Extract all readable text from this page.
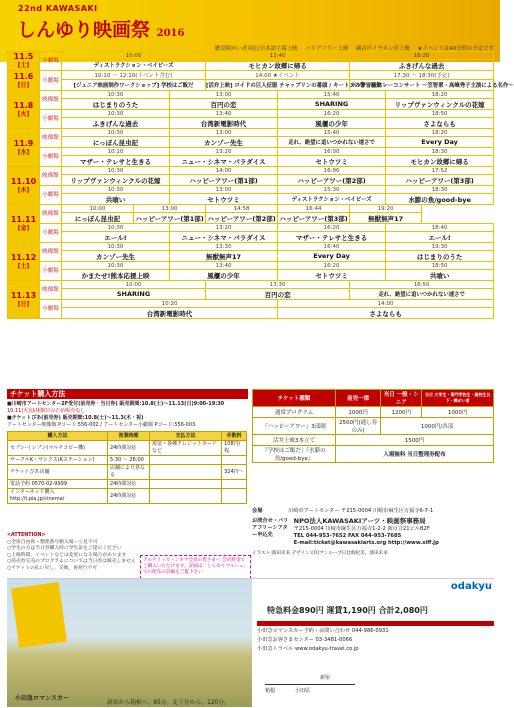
22nd KAWASAKI
しんゆり映画祭 2016
聴覚障がい者対応/日本語字幕上映 バリアフリー上映 副音声イヤホン付上映 ★イベントは40分程の予定です
11.5
[土]	小劇場	10:00			13:40		16:20	
		ディストラクション・ベイビーズ			モヒカン故郷に帰る		ふきげんな過去	

11.6
[日]	小劇場	10:10 〜 12:10(イベント含む)			14:00 ★イベント		17:30 〜 18:30(予定)	
		[ジュニア映画制作ワークショップ] 学校はご飯だ			[活弁上映] ロイドの巨人征服 チャップリンの番頭 / キートンの警官騒動		カルテットスレーコンサート 〜笠智衆・高峰秀子主演による名作〜	

11.8
[火]	映像館	10:30		13:00		15:40		18:20
		はじまりのうた		百円の恋		SHARING		リップヴァンウィンクルの花嫁
	小劇場	10:30		13:40		16:20		18:50
		ふきげんな過去		台湾新電影時代		風櫃の少年		さよならも

11.9
[水]	映像館	10:30		13:00		15:40		18:20
		にっぽん昆虫記		カンゾー先生		走れ、絶望に追いつかれない速さで		Every Day
	小劇場	10:10		13:20		16:00		18:30
		マザー・テレサと生きる		ニュー・シネマ・パラダイス		セトウツミ		モヒカン故郷に帰る

11.10
[木]	映像館	10:30		14:00		16:06		17:52
		リップヴァンウィンクルの花嫁		ハッピーアワー(第1部)		ハッピーアワー(第2部)		ハッピーアワー(第3部)
	小劇場	10:30		13:00		15:30		18:30
		共喰い		セトウツミ		ディストラクション・ベイビーズ		水膨の魚/good-bye

11.11
[金]	映像館	10:00	13:00		14:58	16:44	19:20	
		にっぽん昆虫記	ハッピーアワー(第1部)		ハッピーアワー(第2部)	ハッピーアワー(第3部)	無獣無声17	
	小劇場	10:30		13:20		16:20		18:40
		エール!		ニュー・シネマ・パラダイス		マザー・テレサと生きる		エール!

11.12
[土]	映像館	10:30		13:30		16:40		19:30
		カンゾー先生		無獣無声17		Every Day		はじまりのうた
	小劇場	10:30		13:40		16:20		18:50
		かまたせ!熊本応援上映		風櫃の少年		セトウツミ		共喰い

11.13
[日]	映像館	10:00			13:30		16:50	
		SHARING			百円の恋		走れ、絶望に追いつかれない速さで	
	小劇場	10:20				14:00		
		台湾新電影時代				さよならも		
チケット購入方法
■川崎市アートセンター2F受付(前売券・当日券) 販売期間:10.8(土)〜11.13(日)9:00-19:30
10.11(火)は休館日のため販売なし
■チケットぴあ(前売券) 販売期間:10.8(土)〜11.3(木・祝)
アートセンター映像館 Pコード:556-002 / アートセンター小劇場 Pコード:556-003
購入方法	営業時間	支払方法	手数料
セブン-イレブン(マルチコピー機)	24時間対応	現金・各種クレジットカードなど	108円/枚
サークルK・サンクス(Kステーション)	5:30 〜 26:00		
チケットぴあ店舗	店舗により異なる		324円〜
電話予約 0570-02-9999	24時間対応		
インターネット購入 http://t.pia.jp/cinema/	24時間対応		
<ATTENTION>
○全席自由席・整理番号順入場・立見不可
○学生の方は当日券購入時に学生証をご提示ください
○上映時間、イベントなどは変更になる場合があります
○前売券完売のプログラムについては当日券は販売しません
○チケットの払い戻し、交換、再発行不可
アルテリッカ・シネマ会員の皆さまへ 会員料金でご購入いただけます。詳細は「しんゆりマルシェ」での配布の詳細をご覧下さい
チケット種類	前売一律	当日 一般・シニア	当日 大学生・専門学校生・高校生以下・障がい者
通常プログラム	1000円	1200円	1000円
『ハッピーアワー』3部制	2500円(通し券のみ)	1000円/各部	
活弁上映3本立て	1500円		
『学校はご飯だ』『水膨の魚/good-bye』	入場無料 当日整理券配布		
会場	川崎市アートセンター 〒215-0004 川崎市麻生区万福寺6-7-1
お問合せ・バリアフリーシアター申込先 NPO法人KAWASAKIアーツ・映画祭事務局
〒215-0004 川崎市麻生区万福寺1-2-2 新百合21ビルB2F
TEL 044-953-7652 FAX 044-953-7685
E-mail:ticket@kawasakiarts.org http://www.siff.jp
イラスト:濱田未来 デザイン:(有)サンループ日比絢紀美、濱田未来
小田急ロマンスカー
odakyu
特急料金890円 運賃1,190円 合計2,080円
小田急ロマンスカー予約・お問い合わせ 044-986-0931
小田急お客さまセンター 03-3481-0066
小田急トラベル www.odakyu-travel.co.jp
箱根
新宿
小田原
新宿から箱根へ、85分。北千住から、120分。
